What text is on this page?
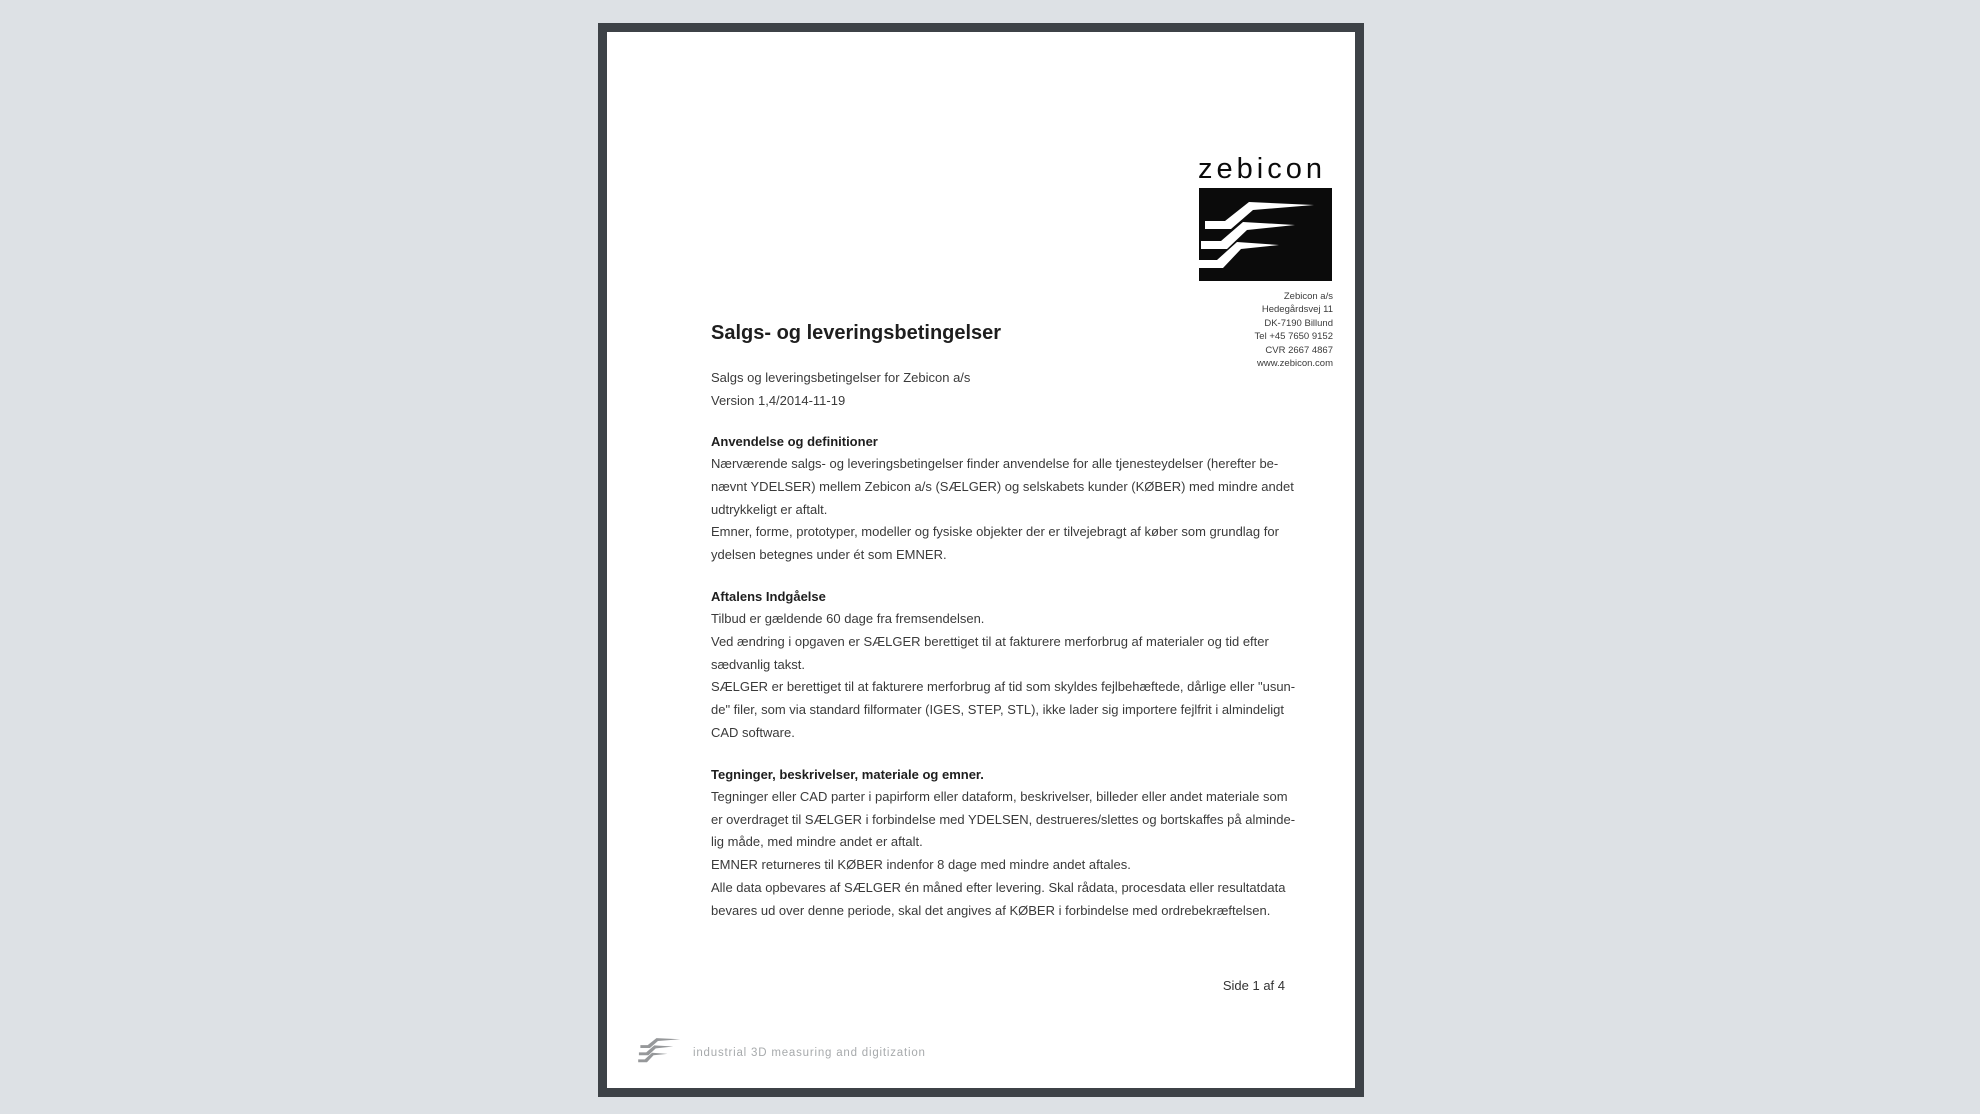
zebicon
Zebicon a/s
Hedegårdsvej 11
DK-7190 Billund
Tel +45 7650 9152
CVR 2667 4867
www.zebicon.com
Salgs- og leveringsbetingelser
Salgs og leveringsbetingelser for Zebicon a/s
Version 1,4/2014-11-19
Anvendelse og definitioner
Nærværende salgs- og leveringsbetingelser finder anvendelse for alle tjenesteydelser (herefter be-
nævnt YDELSER) mellem Zebicon a/s (SÆLGER) og selskabets kunder (KØBER) med mindre andet
udtrykkeligt er aftalt.
Emner, forme, prototyper, modeller og fysiske objekter der er tilvejebragt af køber som grundlag for
ydelsen betegnes under ét som EMNER.
Aftalens Indgåelse
Tilbud er gældende 60 dage fra fremsendelsen.
Ved ændring i opgaven er SÆLGER berettiget til at fakturere merforbrug af materialer og tid efter
sædvanlig takst.
SÆLGER er berettiget til at fakturere merforbrug af tid som skyldes fejlbehæftede, dårlige eller "usun-
de" filer, som via standard filformater (IGES, STEP, STL), ikke lader sig importere fejlfrit i almindeligt
CAD software.
Tegninger, beskrivelser, materiale og emner.
Tegninger eller CAD parter i papirform eller dataform, beskrivelser, billeder eller andet materiale som
er overdraget til SÆLGER i forbindelse med YDELSEN, destrueres/slettes og bortskaffes på alminde-
lig måde, med mindre andet er aftalt.
EMNER returneres til KØBER indenfor 8 dage med mindre andet aftales.
Alle data opbevares af SÆLGER én måned efter levering. Skal rådata, procesdata eller resultatdata
bevares ud over denne periode, skal det angives af KØBER i forbindelse med ordrebekræftelsen.
Side 1 af 4
industrial 3D measuring and digitization
